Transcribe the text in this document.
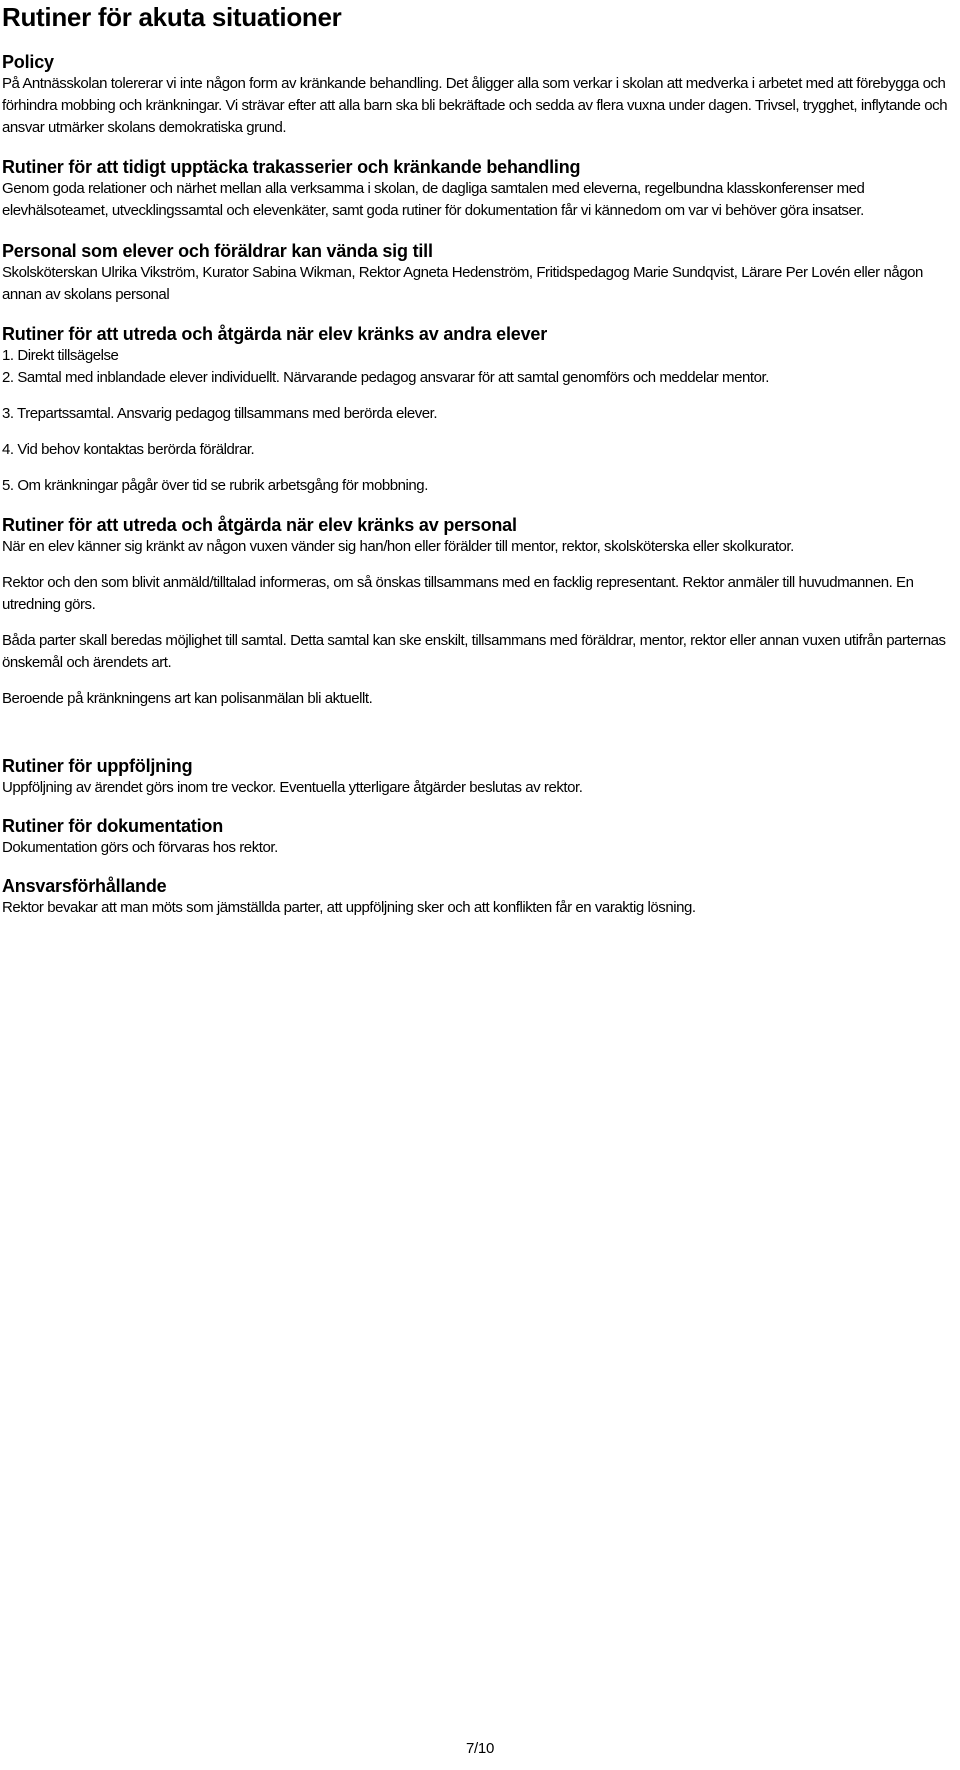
Rutiner för akuta situationer
Policy

På Antnässkolan tolererar vi inte någon form av kränkande behandling. Det åligger alla som verkar i skolan att medverka i arbetet med att förebygga och förhindra mobbing och kränkningar. Vi strävar efter att alla barn ska bli bekräftade och sedda av flera vuxna under dagen. Trivsel, trygghet, inflytande och ansvar utmärker skolans demokratiska grund.

Rutiner för att tidigt upptäcka trakasserier och kränkande behandling

Genom goda relationer och närhet mellan alla verksamma i skolan, de dagliga samtalen med eleverna, regelbundna klasskonferenser med elevhälsoteamet, utvecklingssamtal och elevenkäter, samt goda rutiner för dokumentation får vi kännedom om var vi behöver göra insatser.

Personal som elever och föräldrar kan vända sig till

Skolsköterskan Ulrika Vikström, Kurator Sabina Wikman, Rektor Agneta Hedenström, Fritidspedagog Marie Sundqvist, Lärare Per Lovén eller någon annan av skolans personal

Rutiner för att utreda och åtgärda när elev kränks av andra elever

1. Direkt tillsägelse

2. Samtal med inblandade elever individuellt. Närvarande pedagog ansvarar för att samtal genomförs och meddelar mentor.

3. Trepartssamtal. Ansvarig pedagog tillsammans med berörda elever.

4. Vid behov kontaktas berörda föräldrar.

5. Om kränkningar pågår över tid se rubrik arbetsgång för mobbning.

Rutiner för att utreda och åtgärda när elev kränks av personal

När en elev känner sig kränkt av någon vuxen vänder sig han/hon eller förälder till mentor, rektor, skolsköterska eller skolkurator.

Rektor och den som blivit anmäld/tilltalad informeras, om så önskas tillsammans med en facklig representant. Rektor anmäler till huvudmannen. En utredning görs.

Båda parter skall beredas möjlighet till samtal. Detta samtal kan ske enskilt, tillsammans med föräldrar, mentor, rektor eller annan vuxen utifrån parternas önskemål och ärendets art.

Beroende på kränkningens art kan polisanmälan bli aktuellt.

Rutiner för uppföljning

Uppföljning av ärendet görs inom tre veckor. Eventuella ytterligare åtgärder beslutas av rektor.

Rutiner för dokumentation

Dokumentation görs och förvaras hos rektor.

Ansvarsförhållande

Rektor bevakar att man möts som jämställda parter, att uppföljning sker och att konflikten får en varaktig lösning.

7/10
